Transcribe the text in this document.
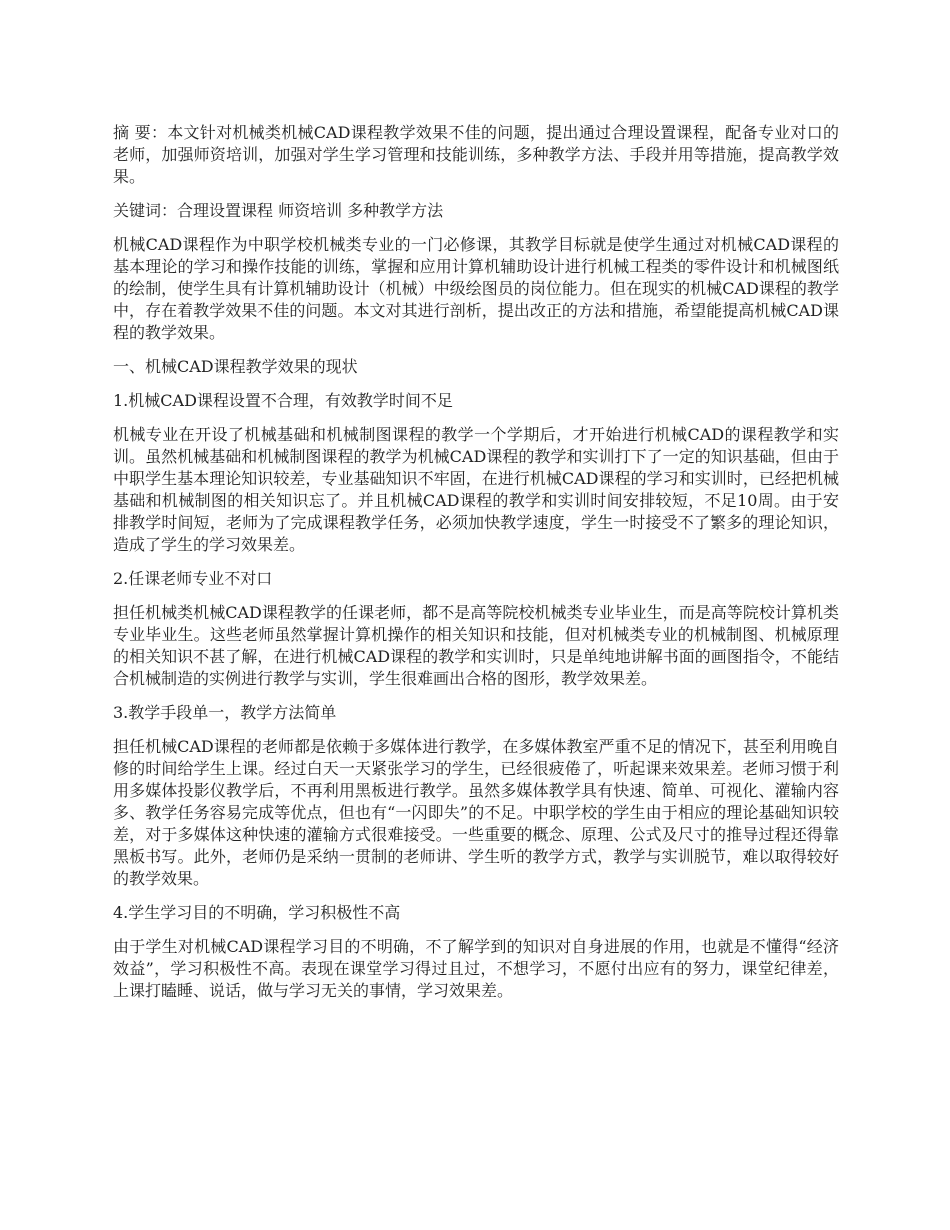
摘 要：本文针对机械类机械CAD课程教学效果不佳的问题，提出通过合理设置课程，配备专业对口的老师，加强师资培训，加强对学生学习管理和技能训练，多种教学方法、手段并用等措施，提高教学效果。

关键词：合理设置课程 师资培训 多种教学方法

机械CAD课程作为中职学校机械类专业的一门必修课，其教学目标就是使学生通过对机械CAD课程的基本理论的学习和操作技能的训练，掌握和应用计算机辅助设计进行机械工程类的零件设计和机械图纸的绘制，使学生具有计算机辅助设计（机械）中级绘图员的岗位能力。但在现实的机械CAD课程的教学中，存在着教学效果不佳的问题。本文对其进行剖析，提出改正的方法和措施，希望能提高机械CAD课程的教学效果。

一、机械CAD课程教学效果的现状

1.机械CAD课程设置不合理，有效教学时间不足

机械专业在开设了机械基础和机械制图课程的教学一个学期后，才开始进行机械CAD的课程教学和实训。虽然机械基础和机械制图课程的教学为机械CAD课程的教学和实训打下了一定的知识基础，但由于中职学生基本理论知识较差，专业基础知识不牢固，在进行机械CAD课程的学习和实训时，已经把机械基础和机械制图的相关知识忘了。并且机械CAD课程的教学和实训时间安排较短，不足10周。由于安排教学时间短，老师为了完成课程教学任务，必须加快教学速度，学生一时接受不了繁多的理论知识，造成了学生的学习效果差。

2.任课老师专业不对口

担任机械类机械CAD课程教学的任课老师，都不是高等院校机械类专业毕业生，而是高等院校计算机类专业毕业生。这些老师虽然掌握计算机操作的相关知识和技能，但对机械类专业的机械制图、机械原理的相关知识不甚了解，在进行机械CAD课程的教学和实训时，只是单纯地讲解书面的画图指令，不能结合机械制造的实例进行教学与实训，学生很难画出合格的图形，教学效果差。

3.教学手段单一，教学方法简单

担任机械CAD课程的老师都是依赖于多媒体进行教学，在多媒体教室严重不足的情况下，甚至利用晚自修的时间给学生上课。经过白天一天紧张学习的学生，已经很疲倦了，听起课来效果差。老师习惯于利用多媒体投影仪教学后，不再利用黑板进行教学。虽然多媒体教学具有快速、简单、可视化、灌输内容多、教学任务容易完成等优点，但也有“一闪即失”的不足。中职学校的学生由于相应的理论基础知识较差，对于多媒体这种快速的灌输方式很难接受。一些重要的概念、原理、公式及尺寸的推导过程还得靠黑板书写。此外，老师仍是采纳一贯制的老师讲、学生听的教学方式，教学与实训脱节，难以取得较好的教学效果。

4.学生学习目的不明确，学习积极性不高

由于学生对机械CAD课程学习目的不明确，不了解学到的知识对自身进展的作用，也就是不懂得“经济效益”，学习积极性不高。表现在课堂学习得过且过，不想学习，不愿付出应有的努力，课堂纪律差，上课打瞌睡、说话，做与学习无关的事情，学习效果差。
